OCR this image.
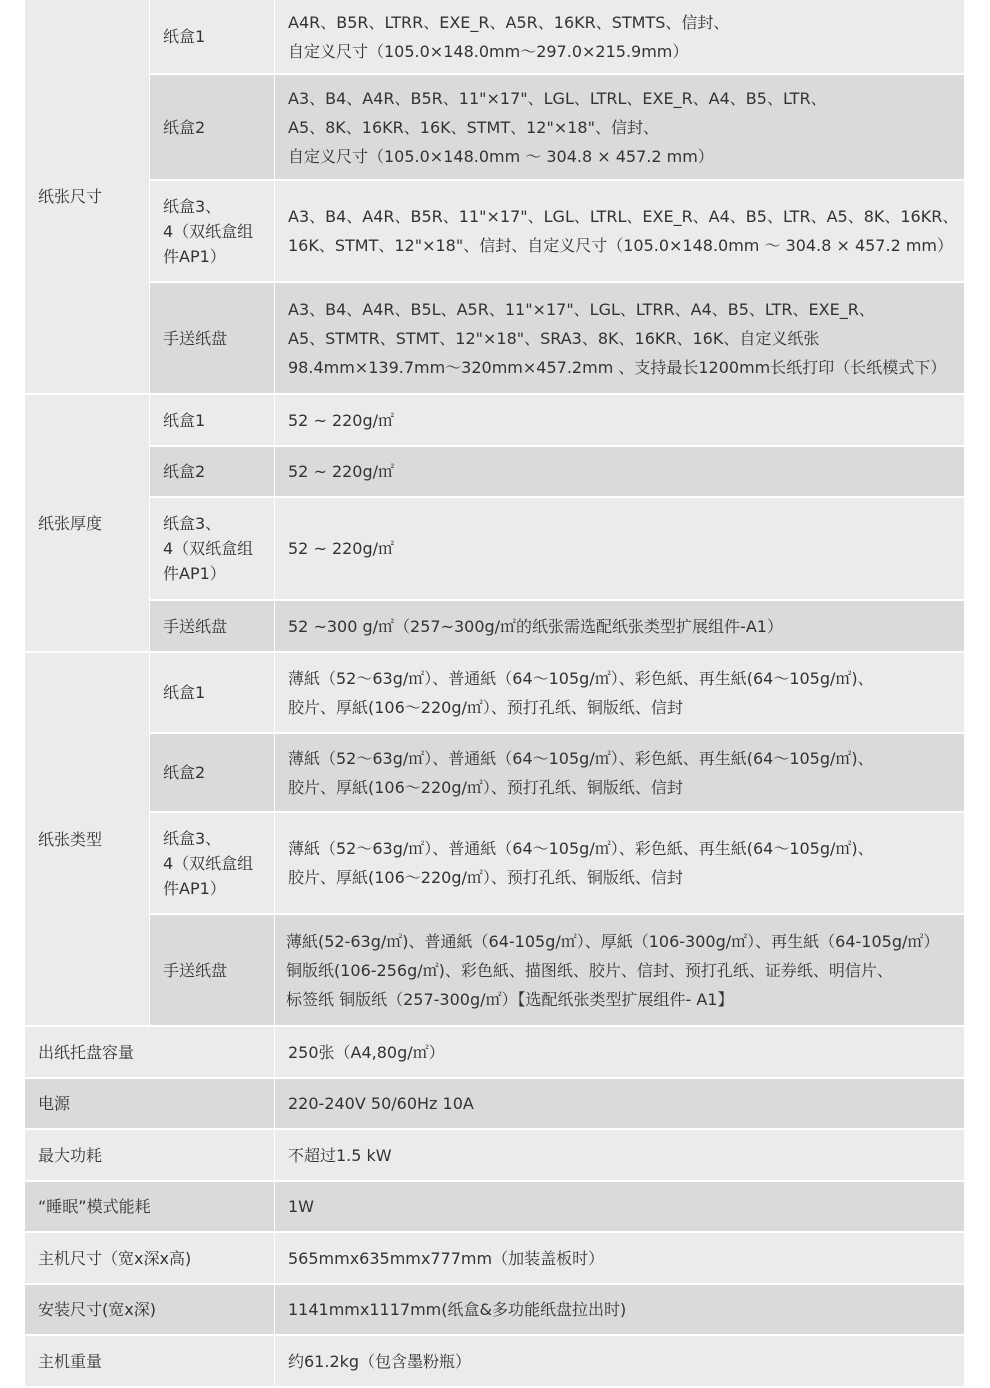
纸张尺寸	纸盒1	A4R、B5R、LTRR、EXE_R、A5R、16KR、STMTS、信封、
自定义尺寸（105.0×148.0mm～297.0×215.9mm）

	纸盒2	A3、B4、A4R、B5R、11"×17"、LGL、LTRL、EXE_R、A4、B5、LTR、
A5、8K、16KR、16K、STMT、12"×18"、信封、
自定义尺寸（105.0×148.0mm ～ 304.8 × 457.2 mm）

	纸盒3、
4（双纸盒组
件AP1）	A3、B4、A4R、B5R、11"×17"、LGL、LTRL、EXE_R、A4、B5、LTR、A5、8K、16KR、
16K、STMT、12"×18"、信封、自定义尺寸（105.0×148.0mm ～ 304.8 × 457.2 mm）

	手送纸盘	A3、B4、A4R、B5L、A5R、11"×17"、LGL、LTRR、A4、B5、LTR、EXE_R、
A5、STMTR、STMT、12"×18"、SRA3、8K、16KR、16K、自定义纸张
98.4mm×139.7mm～320mm×457.2mm 、支持最长1200mm长纸打印（长纸模式下）

纸张厚度	纸盒1	52 ~ 220g/㎡

	纸盒2	52 ~ 220g/㎡

	纸盒3、
4（双纸盒组
件AP1）	52 ~ 220g/㎡

	手送纸盘	52 ~300 g/㎡（257~300g/㎡的纸张需选配纸张类型扩展组件-A1）

纸张类型	纸盒1	薄紙（52～63g/㎡）、普通紙（64～105g/㎡）、彩色紙、再生紙(64～105g/㎡)、
胶片、厚紙(106～220g/㎡）、预打孔纸、铜版纸、信封

	纸盒2	薄紙（52～63g/㎡）、普通紙（64～105g/㎡）、彩色紙、再生紙(64～105g/㎡)、
胶片、厚紙(106～220g/㎡）、预打孔纸、铜版纸、信封

	纸盒3、
4（双纸盒组
件AP1）	薄紙（52～63g/㎡）、普通紙（64～105g/㎡）、彩色紙、再生紙(64～105g/㎡)、
胶片、厚紙(106～220g/㎡）、预打孔纸、铜版纸、信封

	手送纸盘	薄紙(52-63g/㎡)、普通紙（64-105g/㎡）、厚紙（106-300g/㎡）、再生紙（64-105g/㎡）
铜版纸(106-256g/㎡)、彩色紙、描图纸、胶片、信封、预打孔纸、证券纸、明信片、
标签纸 铜版纸（257-300g/㎡）【选配纸张类型扩展组件- A1】

出纸托盘容量		250张（A4,80g/㎡）
电源		220-240V 50/60Hz 10A
最大功耗		不超过1.5 kW
“睡眠”模式能耗		1W
主机尺寸（宽x深x高)		565mmx635mmx777mm（加装盖板时）
安装尺寸(宽x深)		1141mmx1117mm(纸盒&多功能纸盘拉出时)
主机重量		约61.2kg（包含墨粉瓶）
